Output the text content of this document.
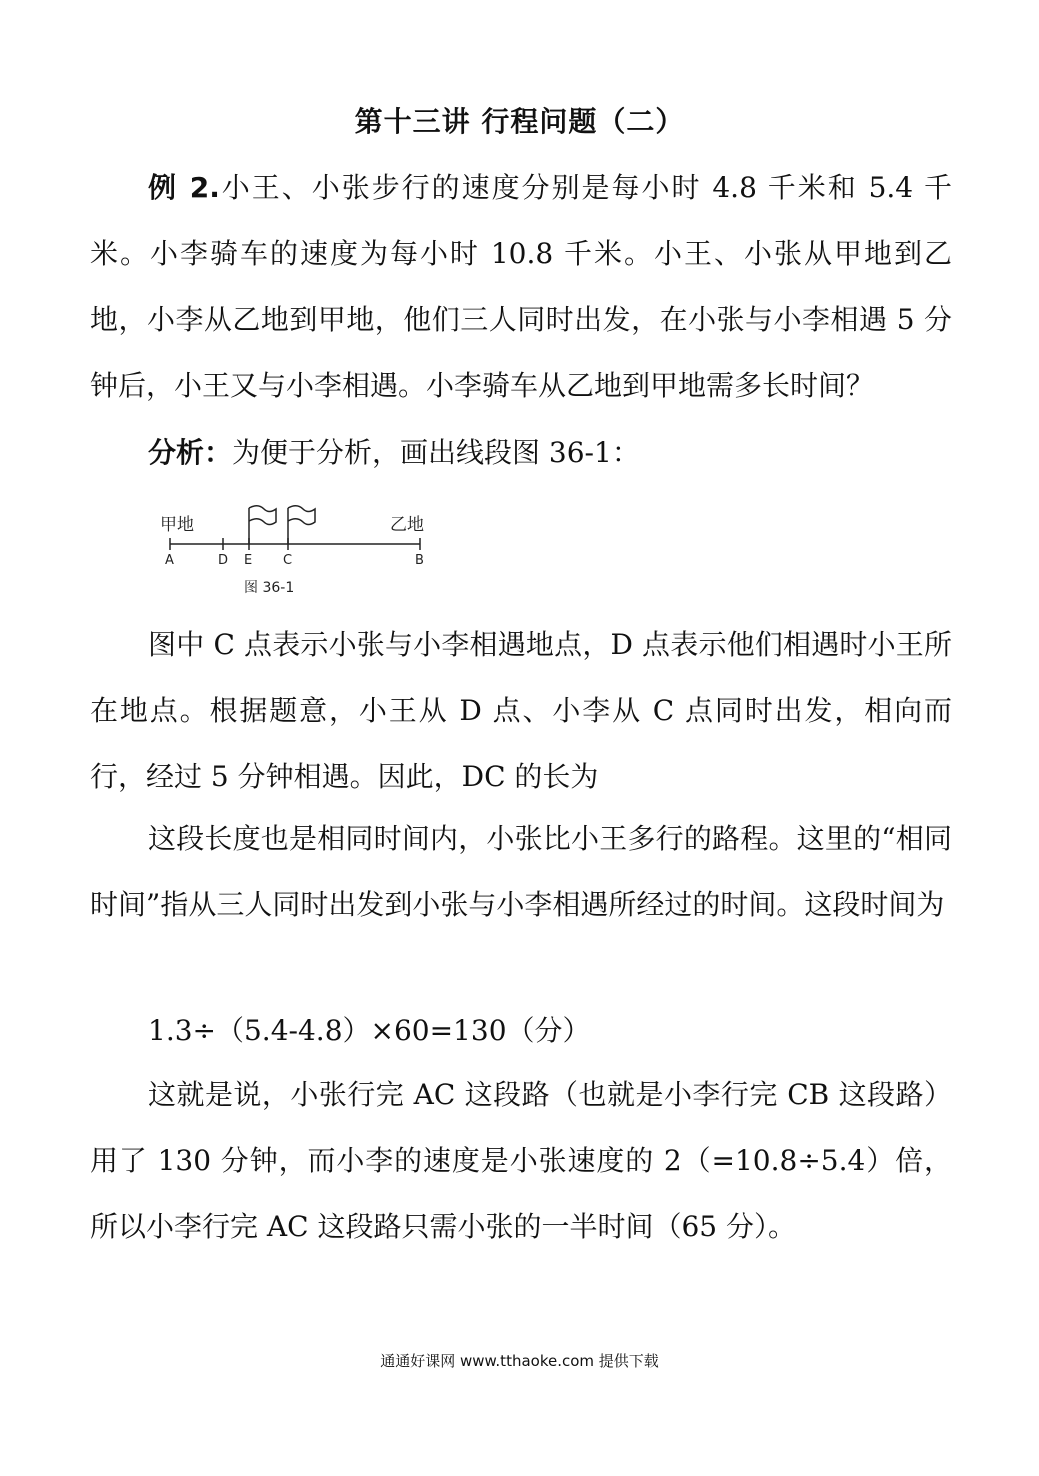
第十三讲 行程问题（二）
例 2.小王、小张步行的速度分别是每小时 4.8 千米和 5.4 千米。小李骑车的速度为每小时 10.8 千米。小王、小张从甲地到乙地，小李从乙地到甲地，他们三人同时出发，在小张与小李相遇 5 分钟后，小王又与小李相遇。小李骑车从乙地到甲地需多长时间？
分析：为便于分析，画出线段图 36-1：
甲地	乙地
A	D E C	B
图 36-1
图中 C 点表示小张与小李相遇地点，D 点表示他们相遇时小王所在地点。根据题意，小王从 D 点、小李从 C 点同时出发，相向而行，经过 5 分钟相遇。因此，DC 的长为
这段长度也是相同时间内，小张比小王多行的路程。这里的“相同时间”指从三人同时出发到小张与小李相遇所经过的时间。这段时间为
1.3÷（5.4-4.8）×60=130（分）
这就是说，小张行完 AC 这段路（也就是小李行完 CB 这段路）用了 130 分钟，而小李的速度是小张速度的 2（=10.8÷5.4）倍，所以小李行完 AC 这段路只需小张的一半时间（65 分）。
通通好课网 www.tthaoke.com 提供下载
